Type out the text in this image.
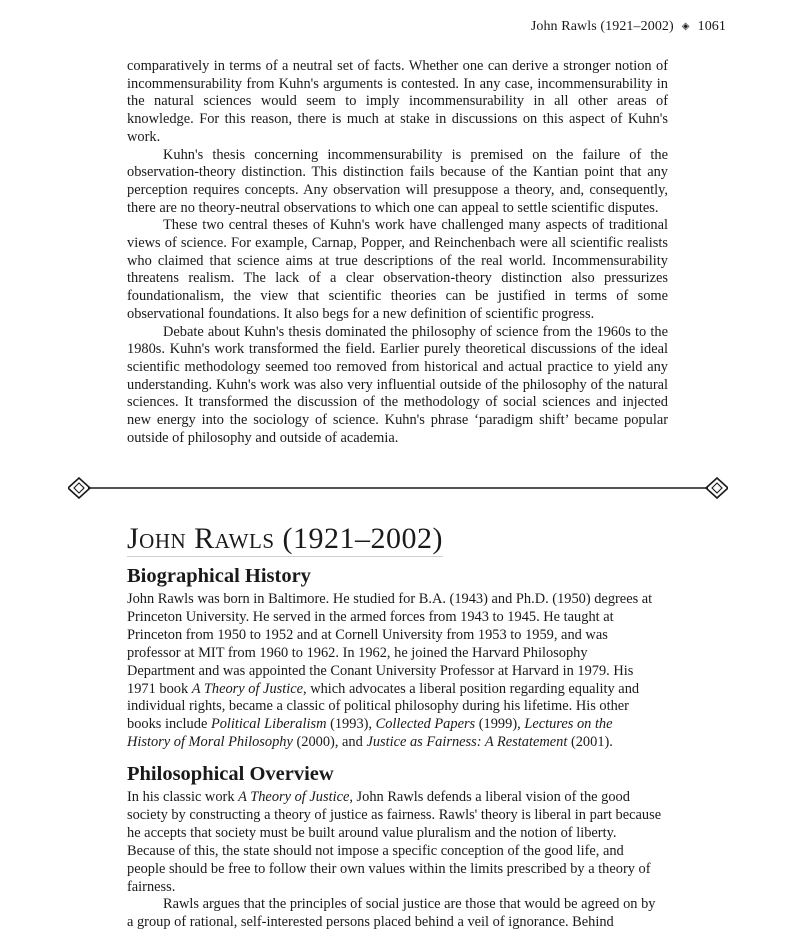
John Rawls (1921–2002) ◈ 1061

comparatively in terms of a neutral set of facts. Whether one can derive a stronger notion of incommensurability from Kuhn's arguments is contested. In any case, incommensurability in the natural sciences would seem to imply incommensurability in all other areas of knowledge. For this reason, there is much at stake in discussions on this aspect of Kuhn's work.

Kuhn's thesis concerning incommensurability is premised on the failure of the observation-theory distinction. This distinction fails because of the Kantian point that any perception requires concepts. Any observation will presuppose a theory, and, consequently, there are no theory-neutral observations to which one can appeal to settle scientific disputes.

These two central theses of Kuhn's work have challenged many aspects of traditional views of science. For example, Carnap, Popper, and Reinchenbach were all scientific realists who claimed that science aims at true descriptions of the real world. Incommensurability threatens realism. The lack of a clear observation-theory distinction also pressurizes foundationalism, the view that scientific theories can be justified in terms of some observational foundations. It also begs for a new definition of scientific progress.

Debate about Kuhn's thesis dominated the philosophy of science from the 1960s to the 1980s. Kuhn's work transformed the field. Earlier purely theoretical discussions of the ideal scientific methodology seemed too removed from historical and actual practice to yield any understanding. Kuhn's work was also very influential outside of the philosophy of the natural sciences. It transformed the discussion of the methodology of social sciences and injected new energy into the sociology of science. Kuhn's phrase ‘paradigm shift’ became popular outside of philosophy and outside of academia.

John Rawls (1921–2002)
Biographical History
John Rawls was born in Baltimore. He studied for B.A. (1943) and Ph.D. (1950) degrees at Princeton University. He served in the armed forces from 1943 to 1945. He taught at Princeton from 1950 to 1952 and at Cornell University from 1953 to 1959, and was professor at MIT from 1960 to 1962. In 1962, he joined the Harvard Philosophy Department and was appointed the Conant University Professor at Harvard in 1979. His 1971 book A Theory of Justice, which advocates a liberal position regarding equality and individual rights, became a classic of political philosophy during his lifetime. His other books include Political Liberalism (1993), Collected Papers (1999), Lectures on the History of Moral Philosophy (2000), and Justice as Fairness: A Restatement (2001).
Philosophical Overview

In his classic work A Theory of Justice, John Rawls defends a liberal vision of the good society by constructing a theory of justice as fairness. Rawls' theory is liberal in part because he accepts that society must be built around value pluralism and the notion of liberty. Because of this, the state should not impose a specific conception of the good life, and people should be free to follow their own values within the limits prescribed by a theory of fairness.

Rawls argues that the principles of social justice are those that would be agreed on by a group of rational, self-interested persons placed behind a veil of ignorance. Behind
